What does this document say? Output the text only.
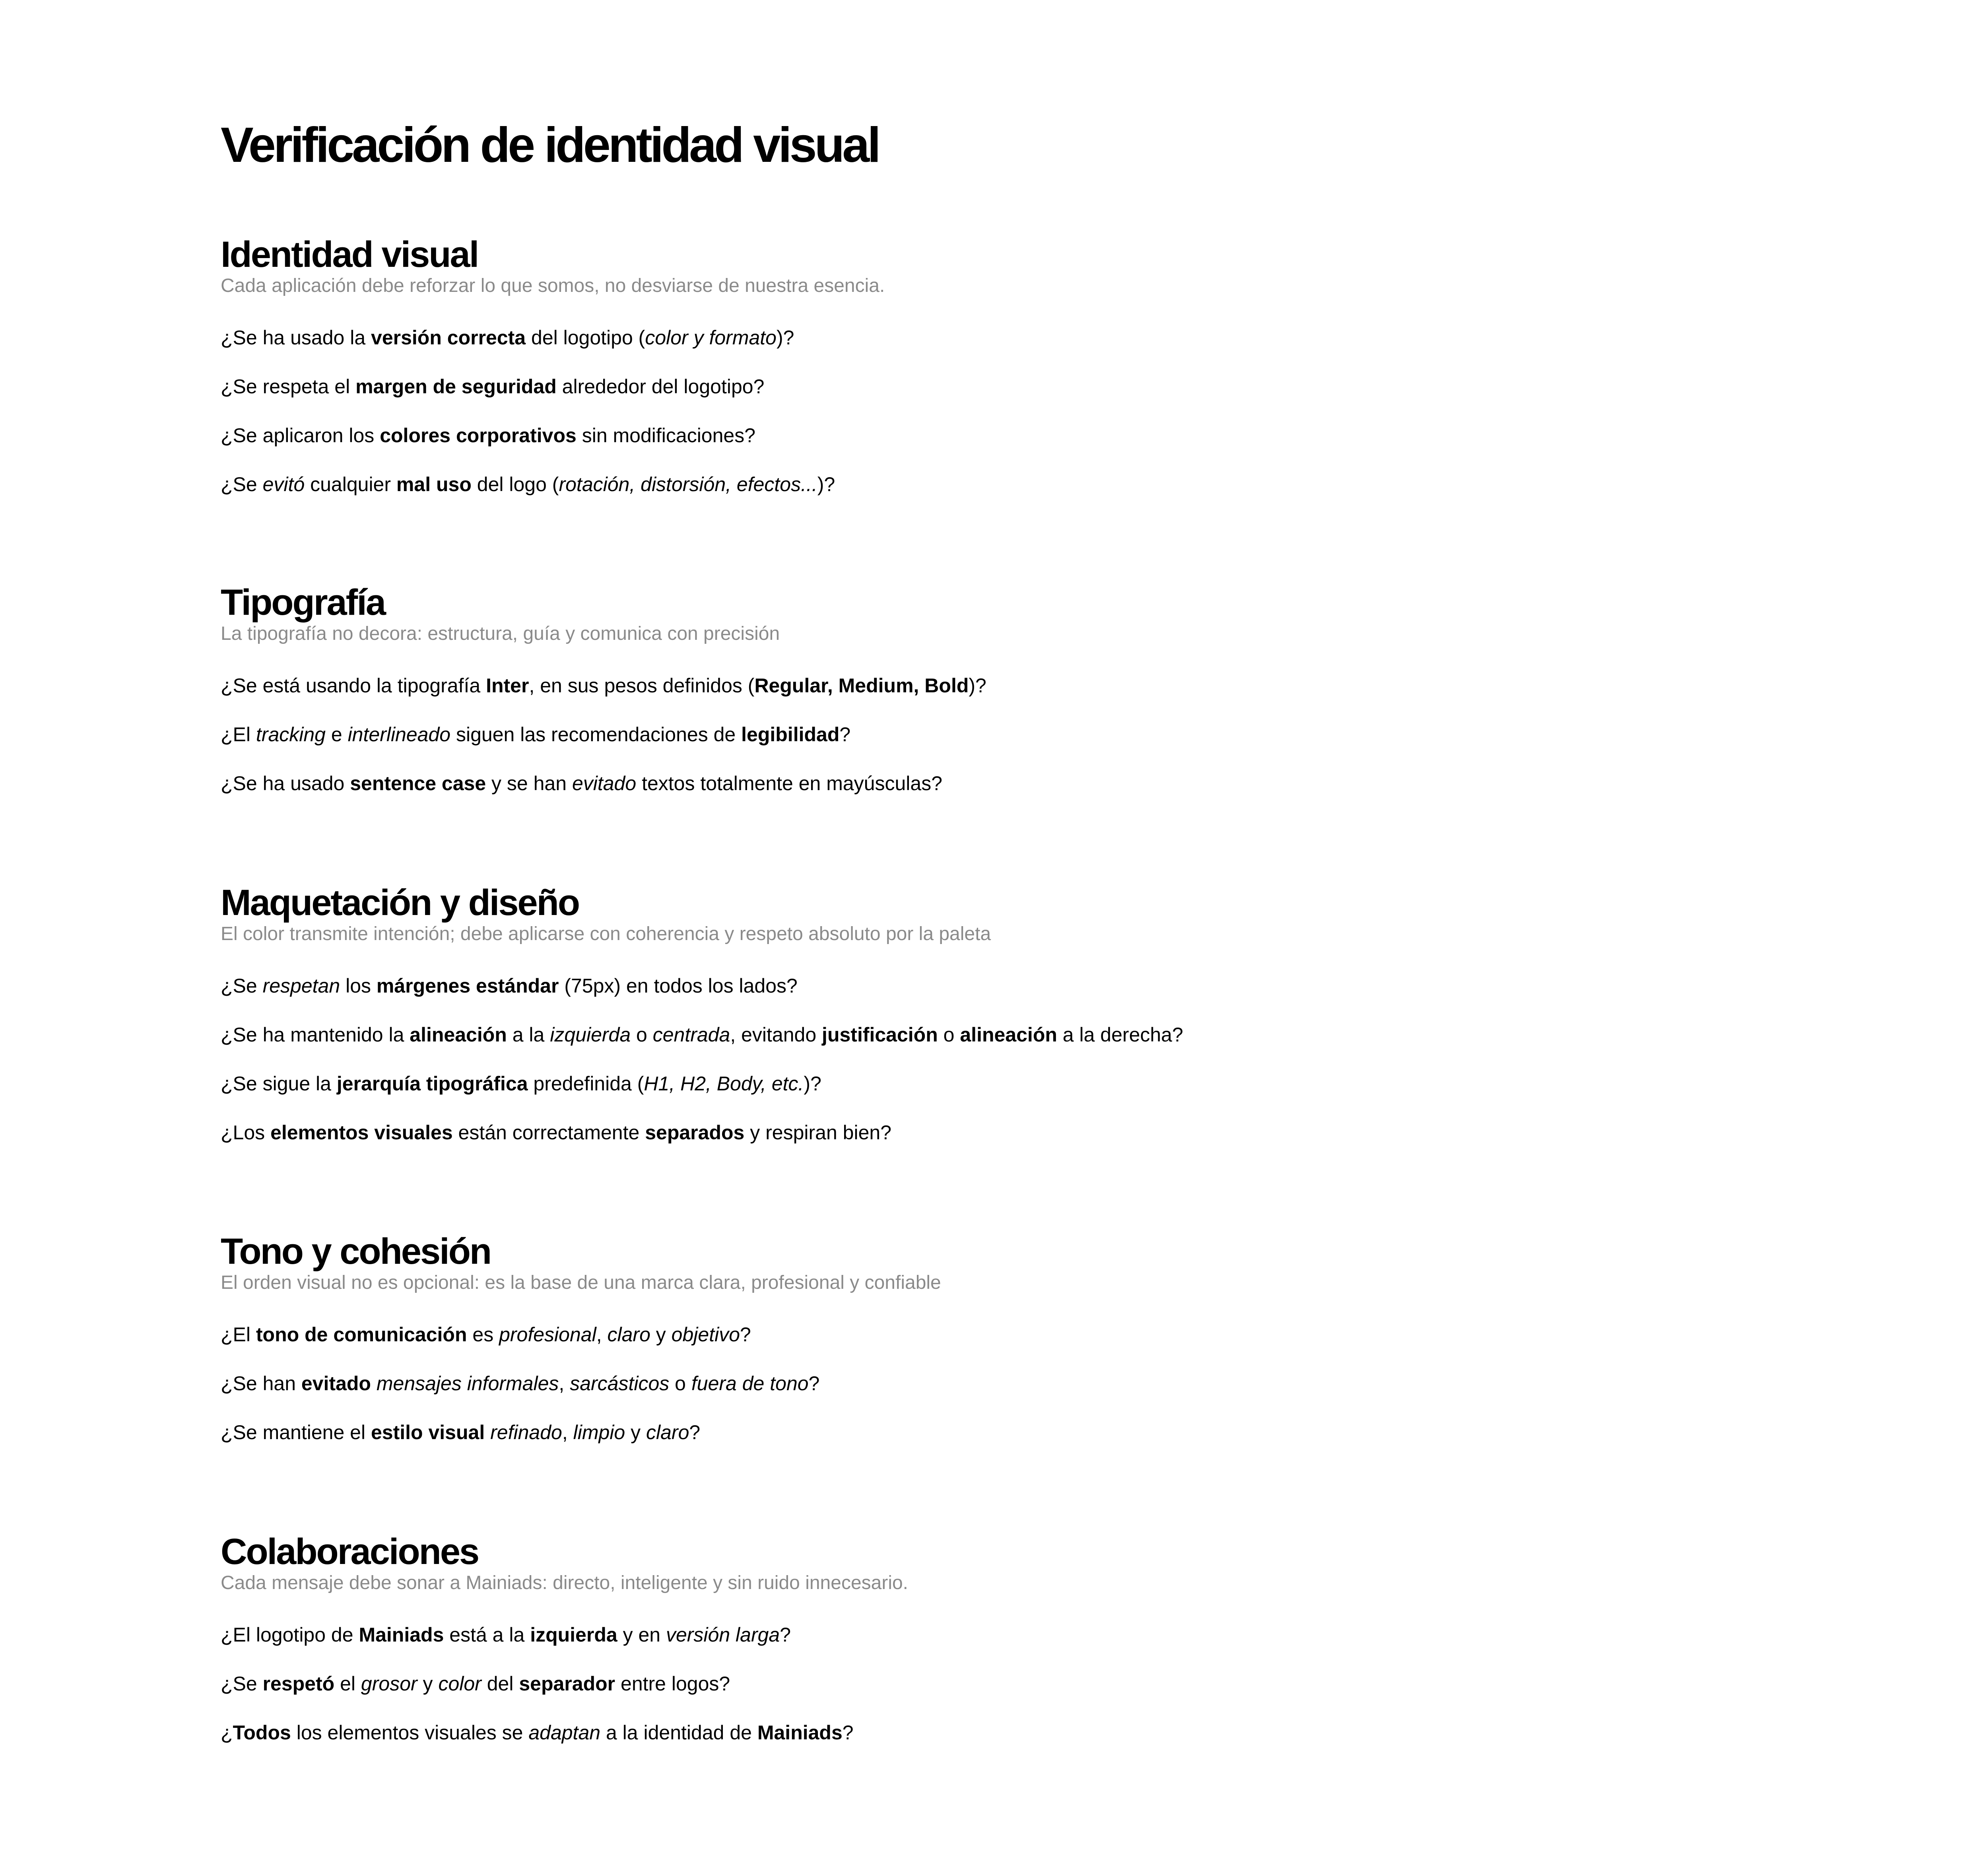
Verificación de identidad visual
Identidad visual

Cada aplicación debe reforzar lo que somos, no desviarse de nuestra esencia.

¿Se ha usado la versión correcta del logotipo (color y formato)?
¿Se respeta el margen de seguridad alrededor del logotipo?
¿Se aplicaron los colores corporativos sin modificaciones?
¿Se evitó cualquier mal uso del logo (rotación, distorsión, efectos...)?
Tipografía

La tipografía no decora: estructura, guía y comunica con precisión

¿Se está usando la tipografía Inter, en sus pesos definidos (Regular, Medium, Bold)?
¿El tracking e interlineado siguen las recomendaciones de legibilidad?
¿Se ha usado sentence case y se han evitado textos totalmente en mayúsculas?
Maquetación y diseño

El color transmite intención; debe aplicarse con coherencia y respeto absoluto por la paleta

¿Se respetan los márgenes estándar (75px) en todos los lados?
¿Se ha mantenido la alineación a la izquierda o centrada, evitando justificación o alineación a la derecha?
¿Se sigue la jerarquía tipográfica predefinida (H1, H2, Body, etc.)?
¿Los elementos visuales están correctamente separados y respiran bien?
Tono y cohesión

El orden visual no es opcional: es la base de una marca clara, profesional y confiable

¿El tono de comunicación es profesional, claro y objetivo?
¿Se han evitado mensajes informales, sarcásticos o fuera de tono?
¿Se mantiene el estilo visual refinado, limpio y claro?
Colaboraciones

Cada mensaje debe sonar a Mainiads: directo, inteligente y sin ruido innecesario.

¿El logotipo de Mainiads está a la izquierda y en versión larga?
¿Se respetó el grosor y color del separador entre logos?
¿Todos los elementos visuales se adaptan a la identidad de Mainiads?
